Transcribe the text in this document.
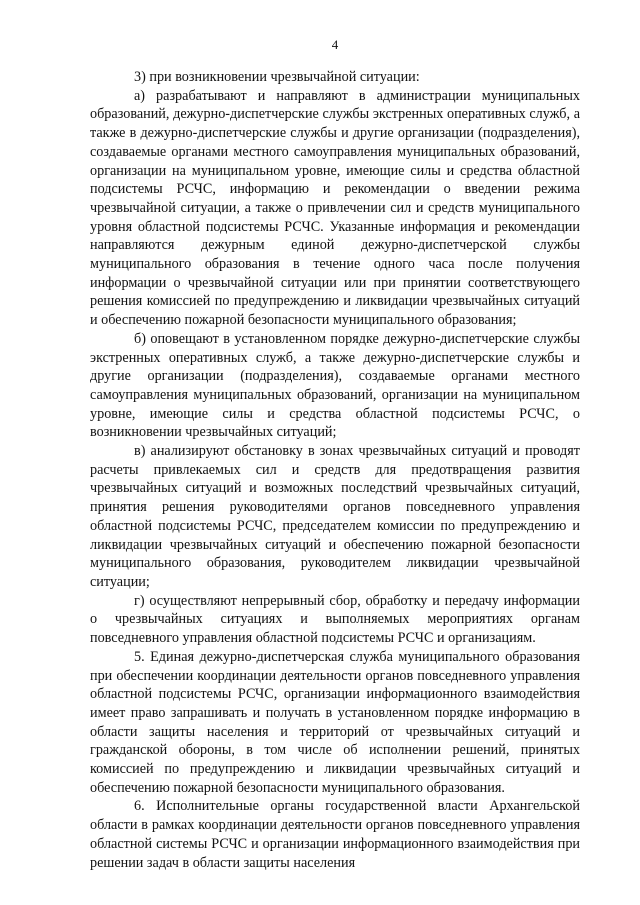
4

3) при возникновении чрезвычайной ситуации:

а) разрабатывают и направляют в администрации муниципальных образований, дежурно-диспетчерские службы экстренных оперативных служб, а также в дежурно-диспетчерские службы и другие организации (подразделения), создаваемые органами местного самоуправления муниципальных образований, организации на муниципальном уровне, имеющие силы и средства областной подсистемы РСЧС, информацию и рекомендации о введении режима чрезвычайной ситуации, а также о привлечении сил и средств муниципального уровня областной подсистемы РСЧС. Указанные информация и рекомендации направляются дежурным единой дежурно-диспетчерской службы муниципального образования в течение одного часа после получения информации о чрезвычайной ситуации или при принятии соответствующего решения комиссией по предупреждению и ликвидации чрезвычайных ситуаций и обеспечению пожарной безопасности муниципального образования;

б) оповещают в установленном порядке дежурно-диспетчерские службы экстренных оперативных служб, а также дежурно-диспетчерские службы и другие организации (подразделения), создаваемые органами местного самоуправления муниципальных образований, организации на муниципальном уровне, имеющие силы и средства областной подсистемы РСЧС, о возникновении чрезвычайных ситуаций;

в) анализируют обстановку в зонах чрезвычайных ситуаций и проводят расчеты привлекаемых сил и средств для предотвращения развития чрезвычайных ситуаций и возможных последствий чрезвычайных ситуаций, принятия решения руководителями органов повседневного управления областной подсистемы РСЧС, председателем комиссии по предупреждению и ликвидации чрезвычайных ситуаций и обеспечению пожарной безопасности муниципального образования, руководителем ликвидации чрезвычайной ситуации;

г) осуществляют непрерывный сбор, обработку и передачу информации о чрезвычайных ситуациях и выполняемых мероприятиях органам повседневного управления областной подсистемы РСЧС и организациям.

5. Единая дежурно-диспетчерская служба муниципального образования при обеспечении координации деятельности органов повседневного управления областной подсистемы РСЧС, организации информационного взаимодействия имеет право запрашивать и получать в установленном порядке информацию в области защиты населения и территорий от чрезвычайных ситуаций и гражданской обороны, в том числе об исполнении решений, принятых комиссией по предупреждению и ликвидации чрезвычайных ситуаций и обеспечению пожарной безопасности муниципального образования.

6. Исполнительные органы государственной власти Архангельской области в рамках координации деятельности органов повседневного управления областной системы РСЧС и организации информационного взаимодействия при решении задач в области защиты населения
